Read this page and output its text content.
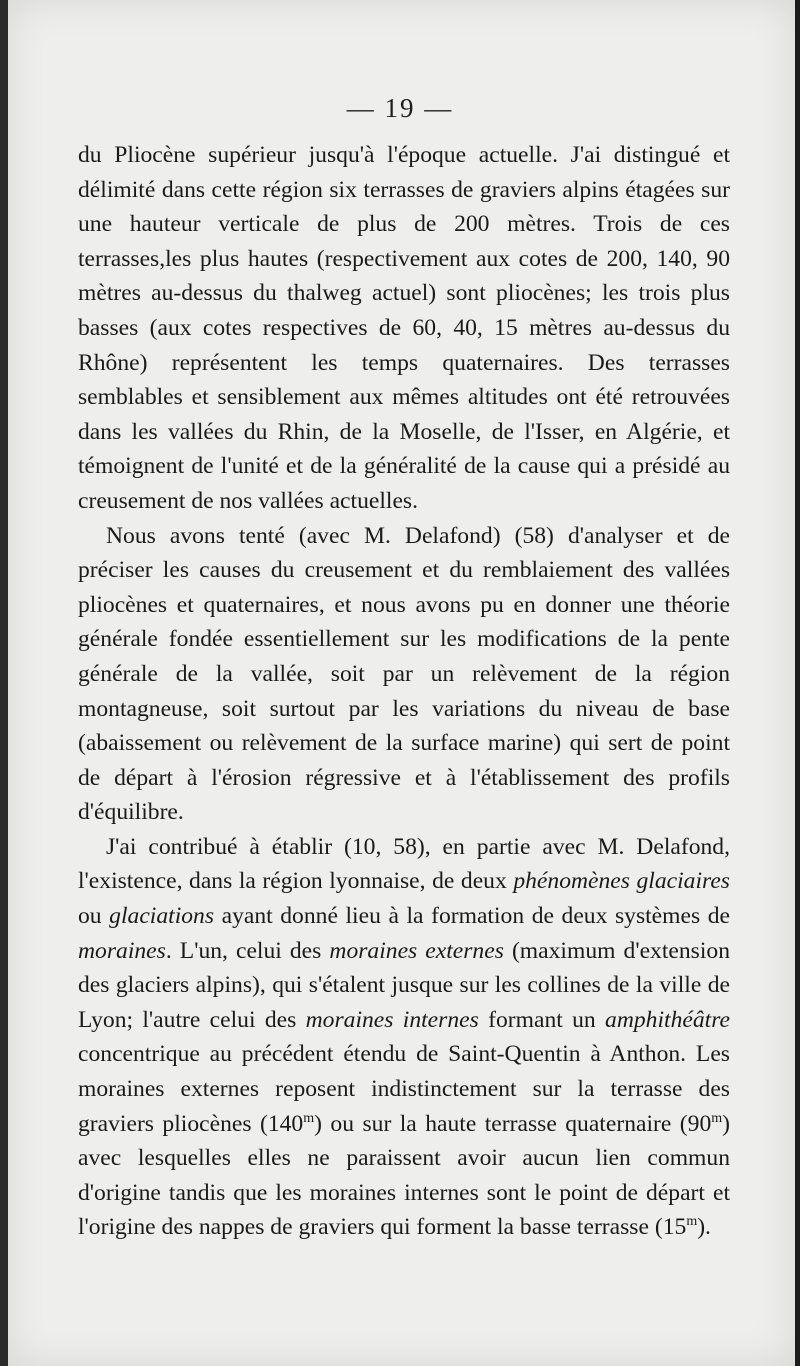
— 19 —

du Pliocène supérieur jusqu'à l'époque actuelle. J'ai distingué et délimité dans cette région six terrasses de graviers alpins étagées sur une hauteur verticale de plus de 200 mètres. Trois de ces terrasses,les plus hautes (respectivement aux cotes de 200, 140, 90 mètres au-dessus du thalweg actuel) sont pliocènes; les trois plus basses (aux cotes respectives de 60, 40, 15 mètres au-dessus du Rhône) représentent les temps quaternaires. Des terrasses semblables et sensiblement aux mêmes altitudes ont été retrouvées dans les vallées du Rhin, de la Moselle, de l'Isser, en Algérie, et témoignent de l'unité et de la généralité de la cause qui a présidé au creusement de nos vallées actuelles.

Nous avons tenté (avec M. Delafond) (58) d'analyser et de préciser les causes du creusement et du remblaiement des vallées pliocènes et quaternaires, et nous avons pu en donner une théorie générale fondée essentiellement sur les modifications de la pente générale de la vallée, soit par un relèvement de la région montagneuse, soit surtout par les variations du niveau de base (abaissement ou relèvement de la surface marine) qui sert de point de départ à l'érosion régressive et à l'établissement des profils d'équilibre.

J'ai contribué à établir (10, 58), en partie avec M. Delafond, l'existence, dans la région lyonnaise, de deux phénomènes glaciaires ou glaciations ayant donné lieu à la formation de deux systèmes de moraines. L'un, celui des moraines externes (maximum d'extension des glaciers alpins), qui s'étalent jusque sur les collines de la ville de Lyon; l'autre celui des moraines internes formant un amphithéâtre concentrique au précédent étendu de Saint-Quentin à Anthon. Les moraines externes reposent indistinctement sur la terrasse des graviers pliocènes (140$^m$) ou sur la haute terrasse quaternaire (90$^m$) avec lesquelles elles ne paraissent avoir aucun lien commun d'origine tandis que les moraines internes sont le point de départ et l'origine des nappes de graviers qui forment la basse terrasse (15$^m$).
